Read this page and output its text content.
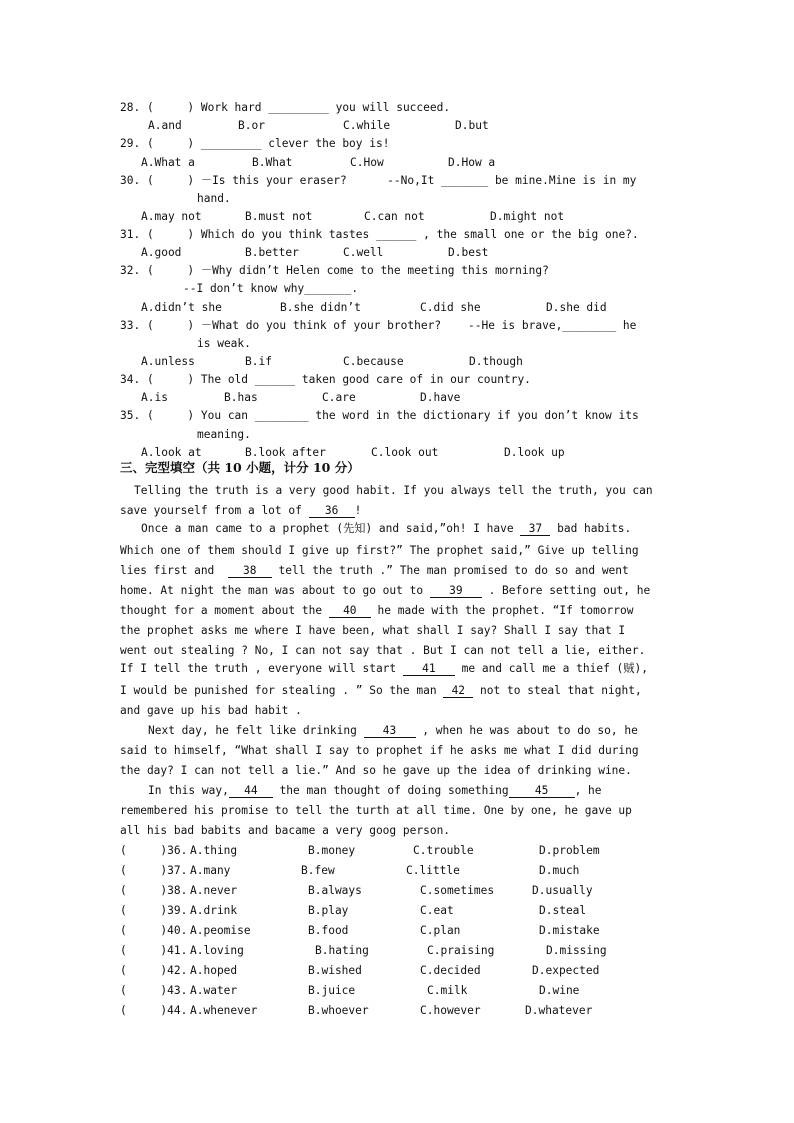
28. (     ) Work hard _________ you will succeed.
A.and	B.or	C.while	D.but
29. (     ) _________ clever the boy is!
A.What a	B.What	C.How	D.How a
30. (     ) －Is this your eraser?      --No,It _______ be mine.Mine is in my
hand.
A.may not	B.must not	C.can not	D.might not
31. (     ) Which do you think tastes ______ , the small one or the big one?.
A.good	B.better	C.well	D.best
32. (     ) －Why didn’t Helen come to the meeting this morning?
--I don’t know why_______.
A.didn’t she	B.she didn’t	C.did she	D.she did
33. (     ) －What do you think of your brother?    --He is brave,________ he
is weak.
A.unless	B.if	C.because	D.though
34. (     ) The old ______ taken good care of in our country.
A.is	B.has	C.are	D.have
35. (     ) You can ________ the word in the dictionary if you don’t know its
meaning.
A.look at	B.look after	C.look out	D.look up
三、完型填空（共 10 小题，计分 10 分）
Telling the truth is a very good habit. If you always tell the truth, you can
save yourself from a lot of 36 !
Once a man came to a prophet (先知) and said,”oh! I have 37 bad habits.
Which one of them should I give up first?” The prophet said,” Give up telling
lies first and  38 tell the truth .” The man promised to do so and went
home. At night the man was about to go out to 39 . Before setting out, he
thought for a moment about the 40 he made with the prophet. “If tomorrow
the prophet asks me where I have been, what shall I say? Shall I say that I
went out stealing ? No, I can not say that . But I can not tell a lie, either.
If I tell the truth , everyone will start 41 me and call me a thief (贼),
I would be punished for stealing . ” So the man 42 not to steal that night,
and gave up his bad habit .
Next day, he felt like drinking 43 , when he was about to do so, he
said to himself, “What shall I say to prophet if he asks me what I did during
the day? I can not tell a lie.” And so he gave up the idea of drinking wine.
In this way, 44 the man thought of doing something 45 , he
remembered his promise to tell the turth at all time. One by one, he gave up
all his bad babits and bacame a very goog person.
(     )36. A.thing	B.money	C.trouble	D.problem
(     )37. A.many	B.few	C.little	D.much
(     )38. A.never	B.always	C.sometimes	D.usually
(     )39. A.drink	B.play	C.eat	D.steal
(     )40. A.peomise	B.food	C.plan	D.mistake
(     )41. A.loving	B.hating	C.praising	D.missing
(     )42. A.hoped	B.wished	C.decided	D.expected
(     )43. A.water	B.juice	C.milk	D.wine
(     )44. A.whenever	B.whoever	C.however	D.whatever
